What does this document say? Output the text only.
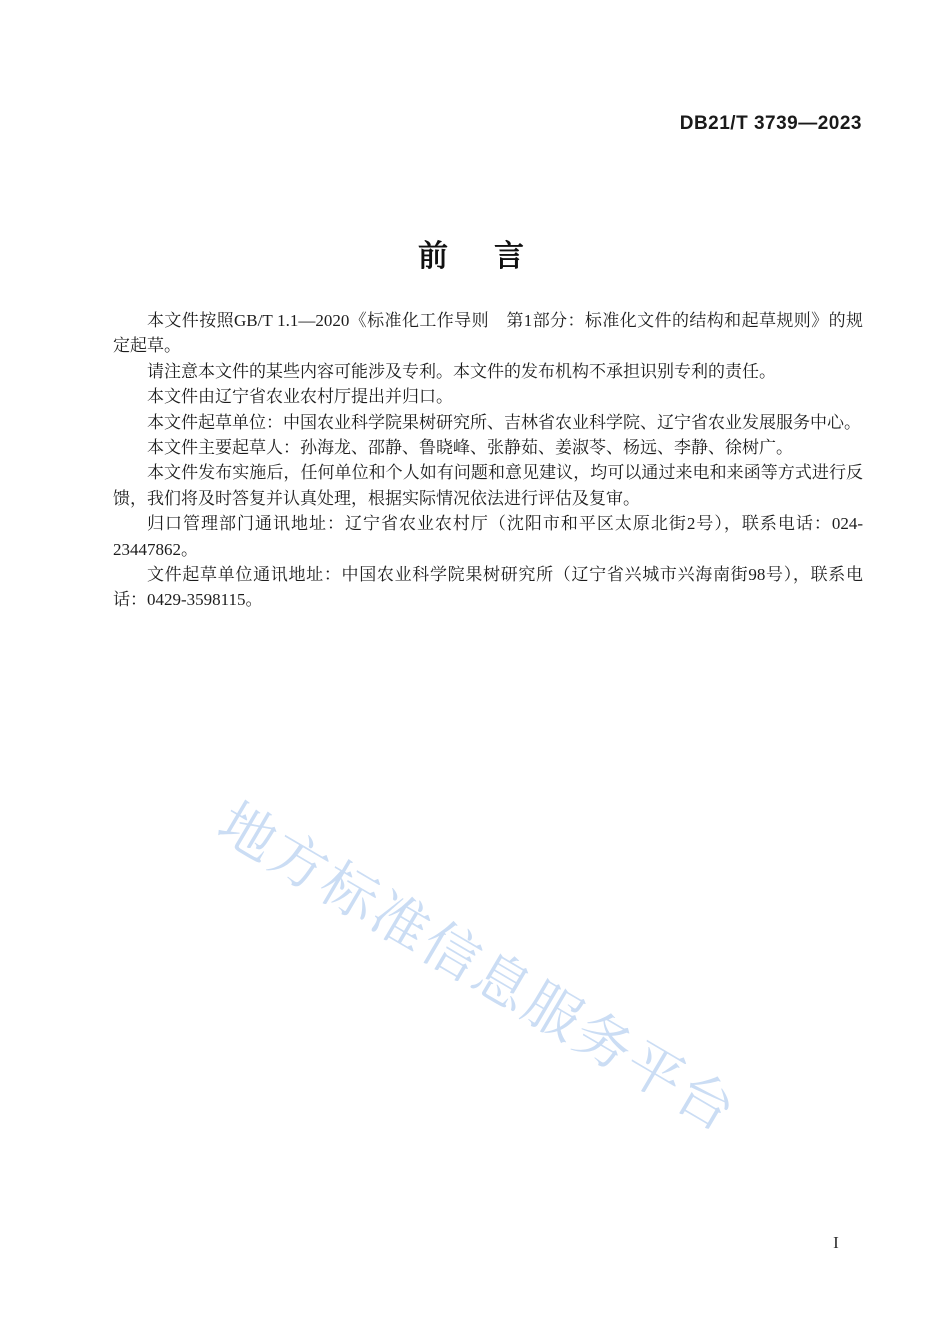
地方标准信息服务平台
DB21/T 3739—2023
前　言

本文件按照GB/T 1.1—2020《标准化工作导则　第1部分：标准化文件的结构和起草规则》的规定起草。

请注意本文件的某些内容可能涉及专利。本文件的发布机构不承担识别专利的责任。

本文件由辽宁省农业农村厅提出并归口。

本文件起草单位：中国农业科学院果树研究所、吉林省农业科学院、辽宁省农业发展服务中心。

本文件主要起草人：孙海龙、邵静、鲁晓峰、张静茹、姜淑苓、杨远、李静、徐树广。

本文件发布实施后，任何单位和个人如有问题和意见建议，均可以通过来电和来函等方式进行反馈，我们将及时答复并认真处理，根据实际情况依法进行评估及复审。

归口管理部门通讯地址：辽宁省农业农村厅（沈阳市和平区太原北街2号），联系电话：024-23447862。

文件起草单位通讯地址：中国农业科学院果树研究所（辽宁省兴城市兴海南街98号），联系电话：0429-3598115。

I
